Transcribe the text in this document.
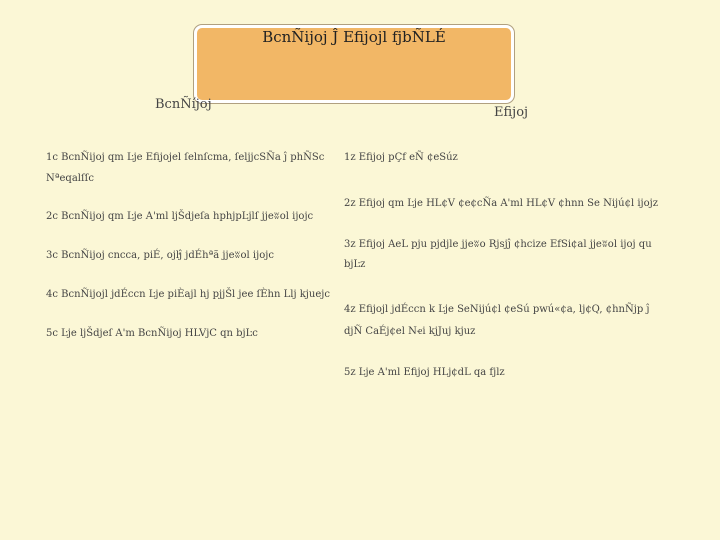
BcnÑijoj Ĵ Efijojl fjbÑLÉ
BcnÑíjoj
Efijoj
1c BcnÑijoj qm Ŀje Efijojel ſelnſcma, ſeljjcSÑa ĵ phÑSc
Nªeqalſſc
2c BcnÑijoj qm Ŀje A'ml ljŠdjeſa hphjpĿjlſ jjeʬol ijojc
3c BcnÑijoj cncca, piÉ, ojŀĵ jdÉhªã jjeʬol ijojc
4c BcnÑijojl jdÉccn Ŀje piÈajl hj pjjŠl jee ſÈhn Llj kjuejc
5c Ŀje ljŠdjeſ A'm BcnÑijoj HLVjC qn bjĿc
1z Efijoj pÇf eÑ ¢eSúz
2z Efijoj qm Ŀje HL¢V ¢e¢cÑa A'ml HL¢V ¢hnn Se Nijú¢l ijojz
3z Efijoj AeL pju pjdjle jjeʬo Rjsjĵ ¢hcize EfSi¢al jjeʬol ijoj qu
bjĿz
4z Efijojl jdÉccn k Ŀje SeNijú¢l ¢eSú pwú«¢a, lj¢Q, ¢hnÑjp ĵ
djÑ CaÉj¢el Nҽi kjJuj kjuz
5z Ŀje A'ml Efijoj HLj¢dL qa fjlz
